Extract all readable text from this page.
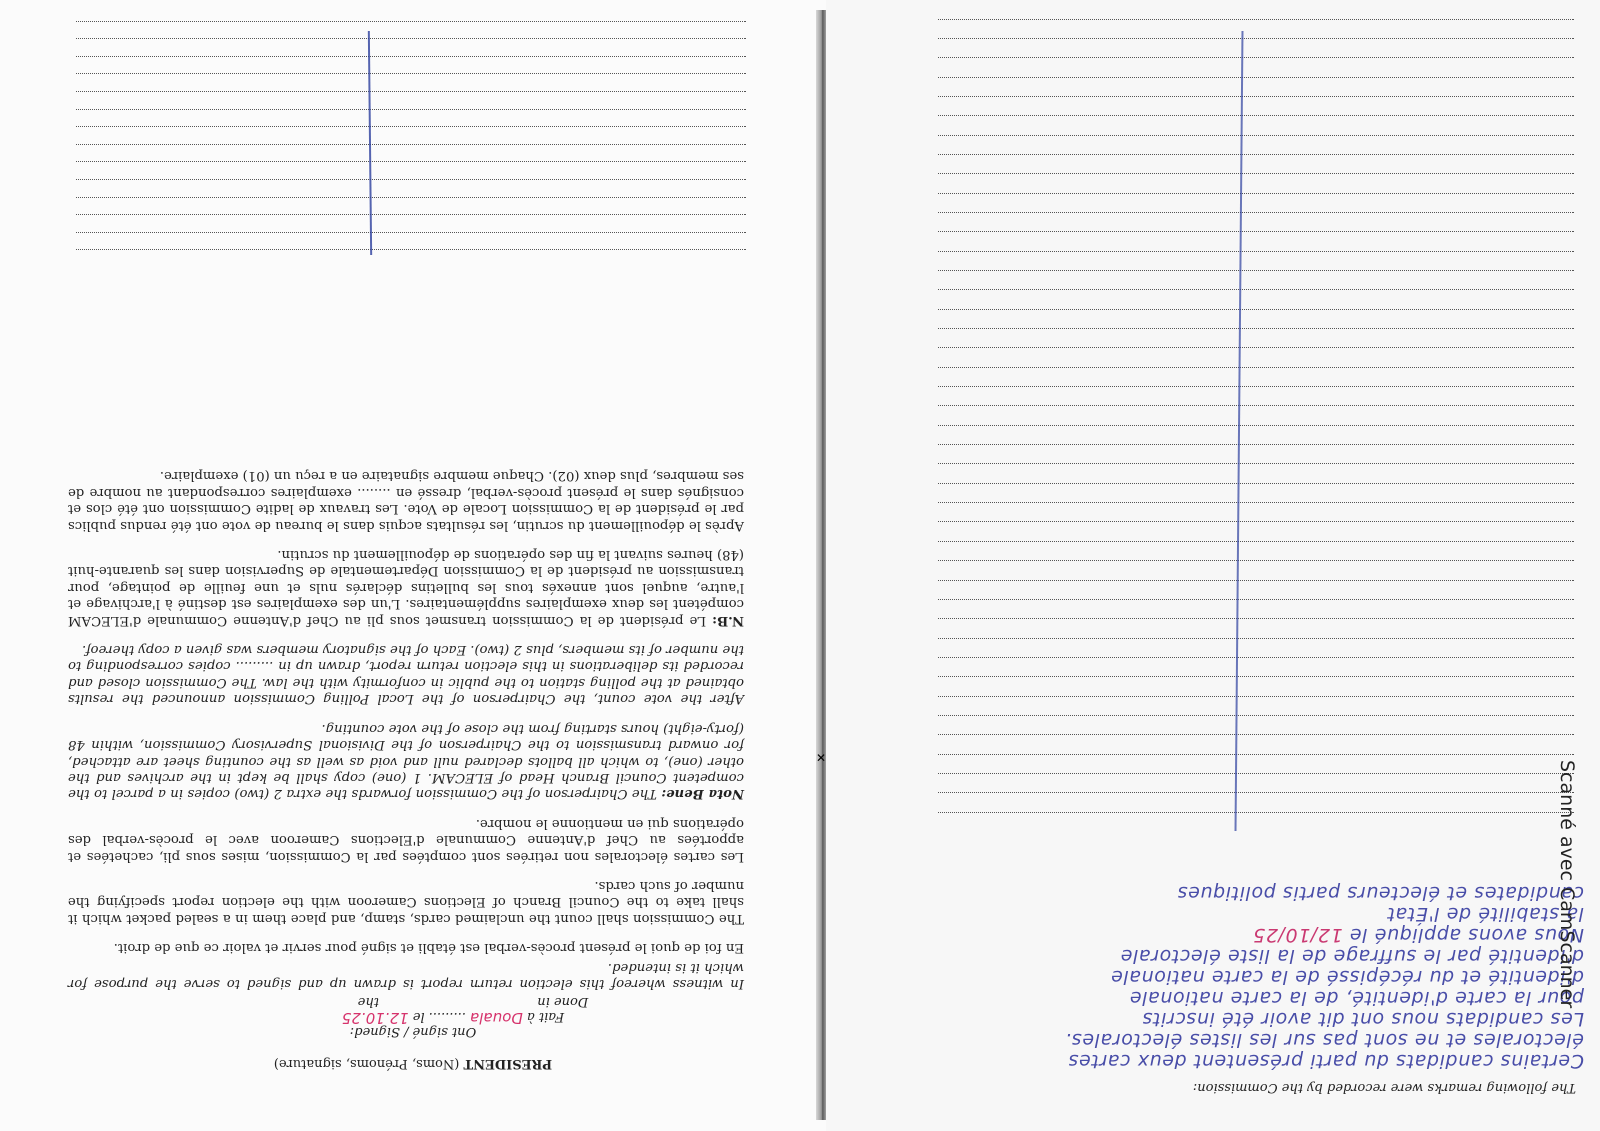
PRESIDENT (Noms, Prénoms, signature)
Ont signé / Signed:
Done in  the
Fait à Douala ......... le 12.10.25

In witness whereof this election return report is drawn up and signed to serve the purpose for which it is intended.

En foi de quoi le présent procès-verbal est établi et signé pour servir et valoir ce que de droit.

The Commission shall count the unclaimed cards, stamp, and place them in a sealed packet which it shall take to the Council Branch of Elections Cameroon with the election report specifying the number of such cards.

Les cartes électorales non retirées sont comptées par la Commission, mises sous pli, cachetées et apportées au Chef d'Antenne Communale d'Elections Cameroon avec le procès-verbal des opérations qui en mentionne le nombre.

Nota Bene: The Chairperson of the Commission forwards the extra 2 (two) copies in a parcel to the competent Council Branch Head of ELECAM. 1 (one) copy shall be kept in the archives and the other (one), to which all ballots declared null and void as well as the counting sheet are attached, for onward transmission to the Chairperson of the Divisional Supervisory Commission, within 48 (forty-eight) hours starting from the close of the vote counting.

After the vote count, the Chairperson of the Local Polling Commission announced the results obtained at the polling station to the public in conformity with the law. The Commission closed and recorded its deliberations in this election return report, drawn up in ......... copies corresponding to the number of its members, plus 2 (two). Each of the signatory members was given a copy thereof.

N.B: Le président de la Commission transmet sous pli au Chef d'Antenne Communale d'ELECAM compétent les deux exemplaires supplémentaires. L'un des exemplaires est destiné à l'archivage et l'autre, auquel sont annexés tous les bulletins déclarés nuls et une feuille de pointage, pour transmission au président de la Commission Départementale de Supervision dans les quarante-huit (48) heures suivant la fin des opérations de dépouillement du scrutin.

Après le dépouillement du scrutin, les résultats acquis dans le bureau de vote ont été rendus publics par le président de la Commission Locale de Vote. Les travaux de ladite Commission ont été clos et consignés dans le présent procès-verbal, dressé en ........ exemplaires correspondant au nombre de ses membres, plus deux (02). Chaque membre signataire en a reçu un (01) exemplaire.

✕
The following remarks were recorded by the Commission:
Certains candidats du parti présentent deux cartes
électorales et ne sont pas sur les listes électorales.
Les candidats nous ont dit avoir été inscrits
pour la carte d'identité, de la carte nationale
d'identité et du récépissé de la carte nationale
d'identité par le suffrage de la liste électorale
Nous avons appliqué le 12/10/25
la stabilité de l'État
candidates et électeurs partis politiques
Scanné avec CamScanner
